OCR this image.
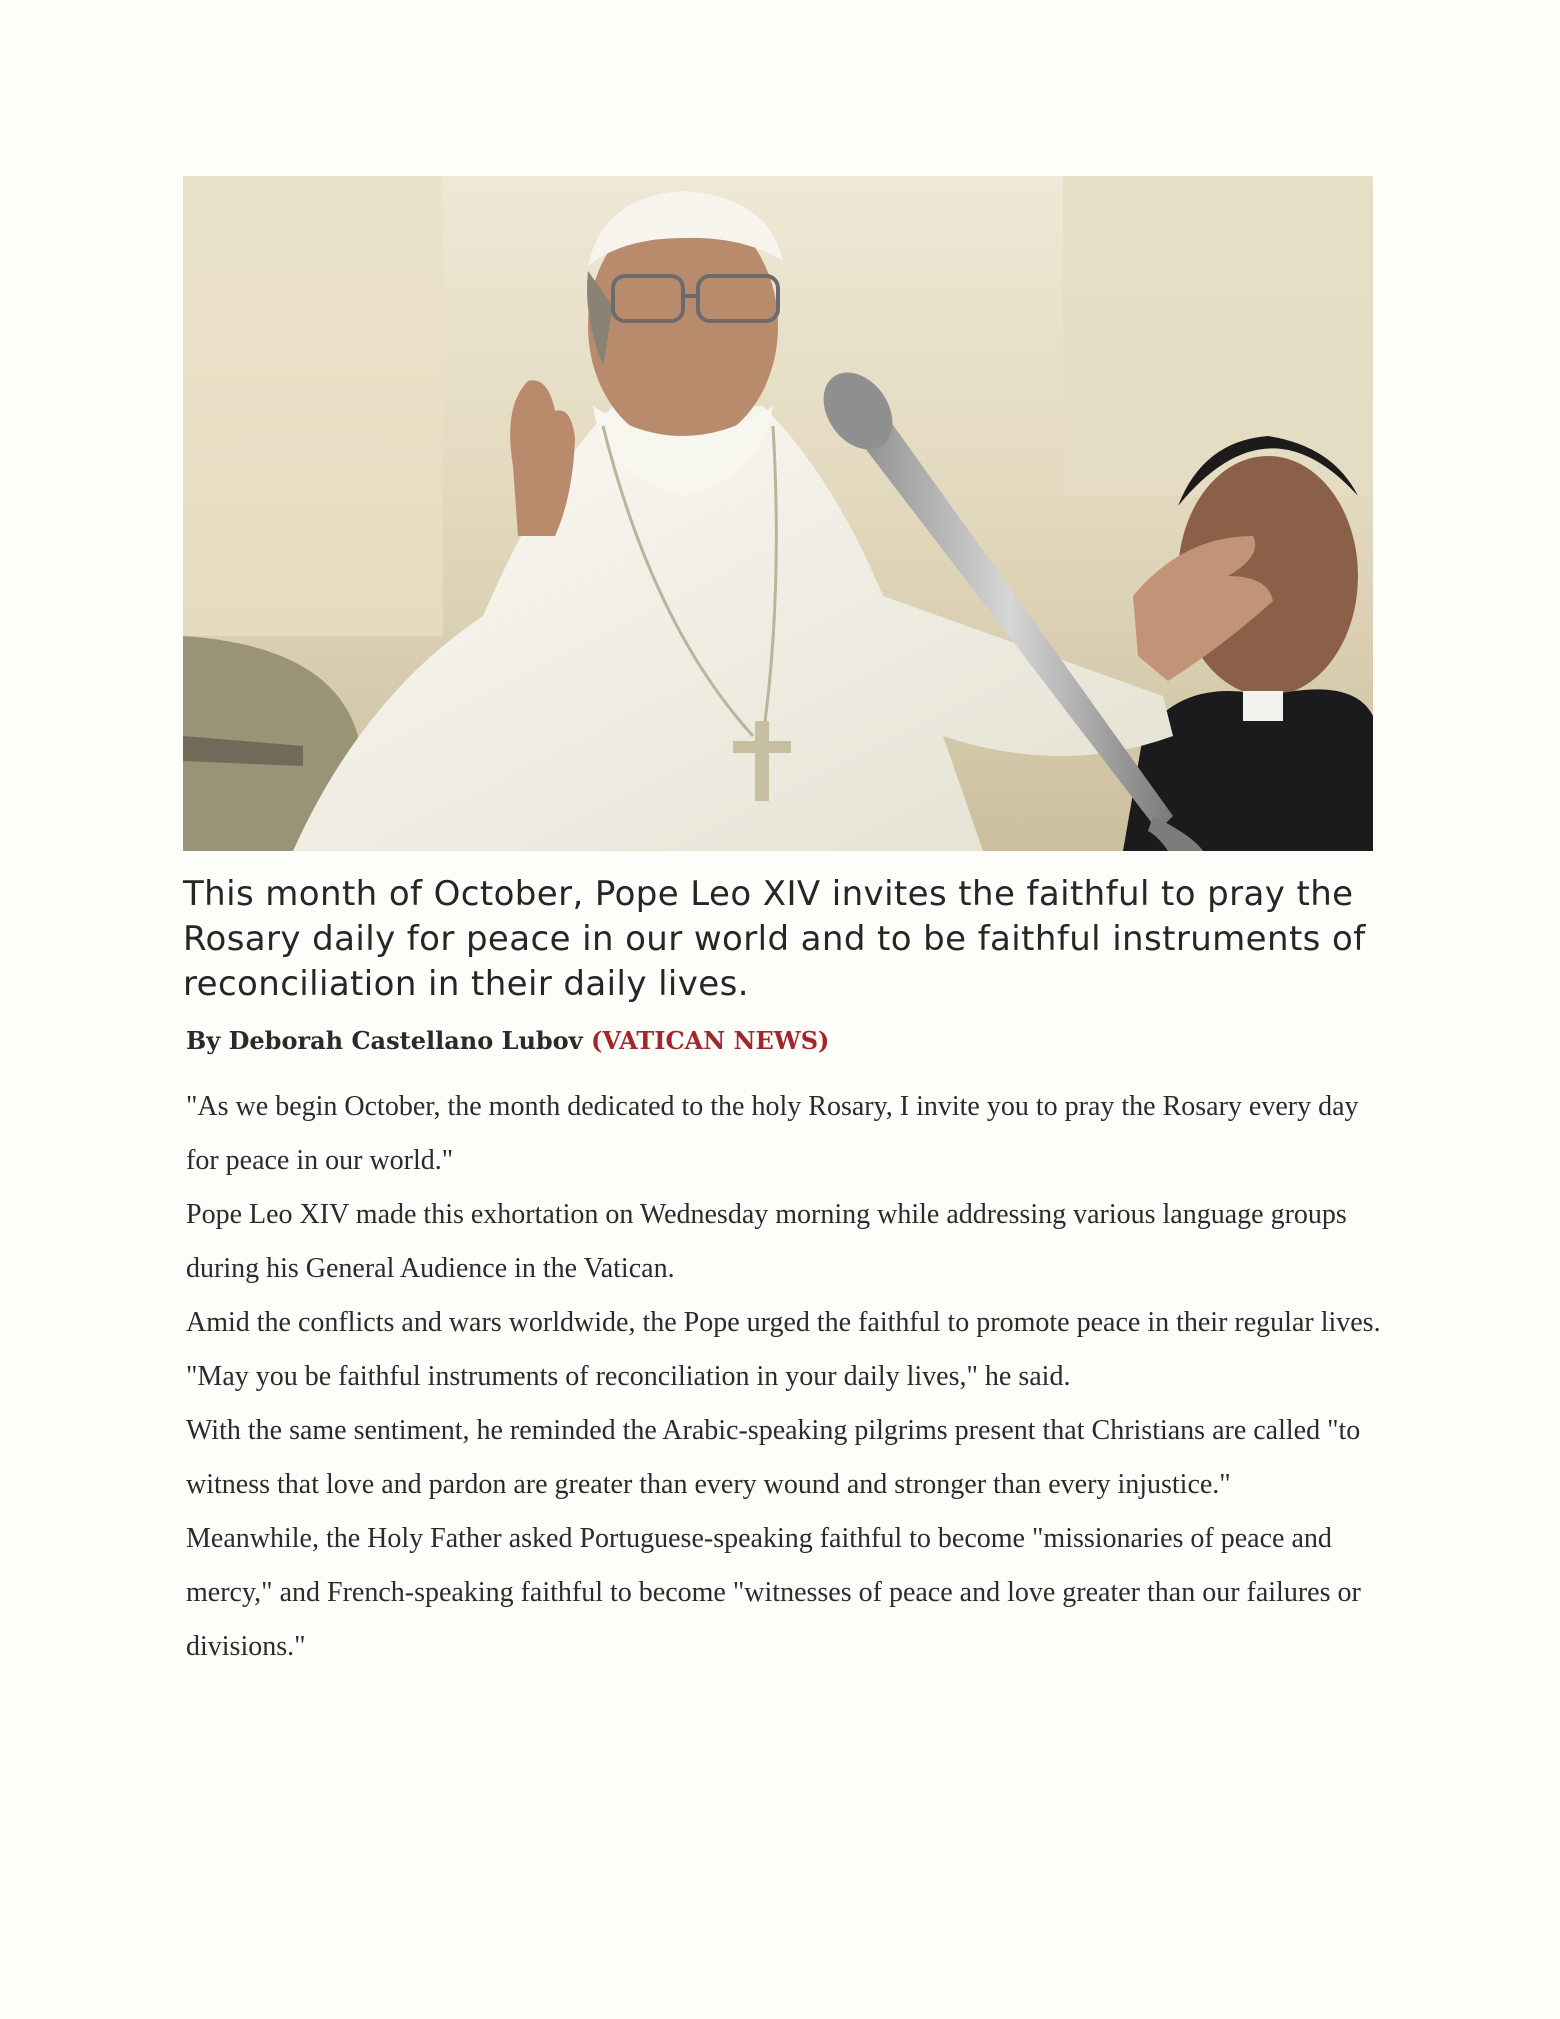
This month of October, Pope Leo XIV invites the faithful to pray the Rosary daily for peace in our world and to be faithful instruments of reconciliation in their daily lives.
By Deborah Castellano Lubov (VATICAN NEWS)

"As we begin October, the month dedicated to the holy Rosary, I invite you to pray the Rosary every day for peace in our world."

Pope Leo XIV made this exhortation on Wednesday morning while addressing various language groups during his General Audience in the Vatican.

Amid the conflicts and wars worldwide, the Pope urged the faithful to promote peace in their regular lives.

"May you be faithful instruments of reconciliation in your daily lives," he said.

With the same sentiment, he reminded the Arabic-speaking pilgrims present that Christians are called "to witness that love and pardon are greater than every wound and stronger than every injustice."

Meanwhile, the Holy Father asked Portuguese-speaking faithful to become "missionaries of peace and mercy," and French-speaking faithful to become "witnesses of peace and love greater than our failures or divisions."
